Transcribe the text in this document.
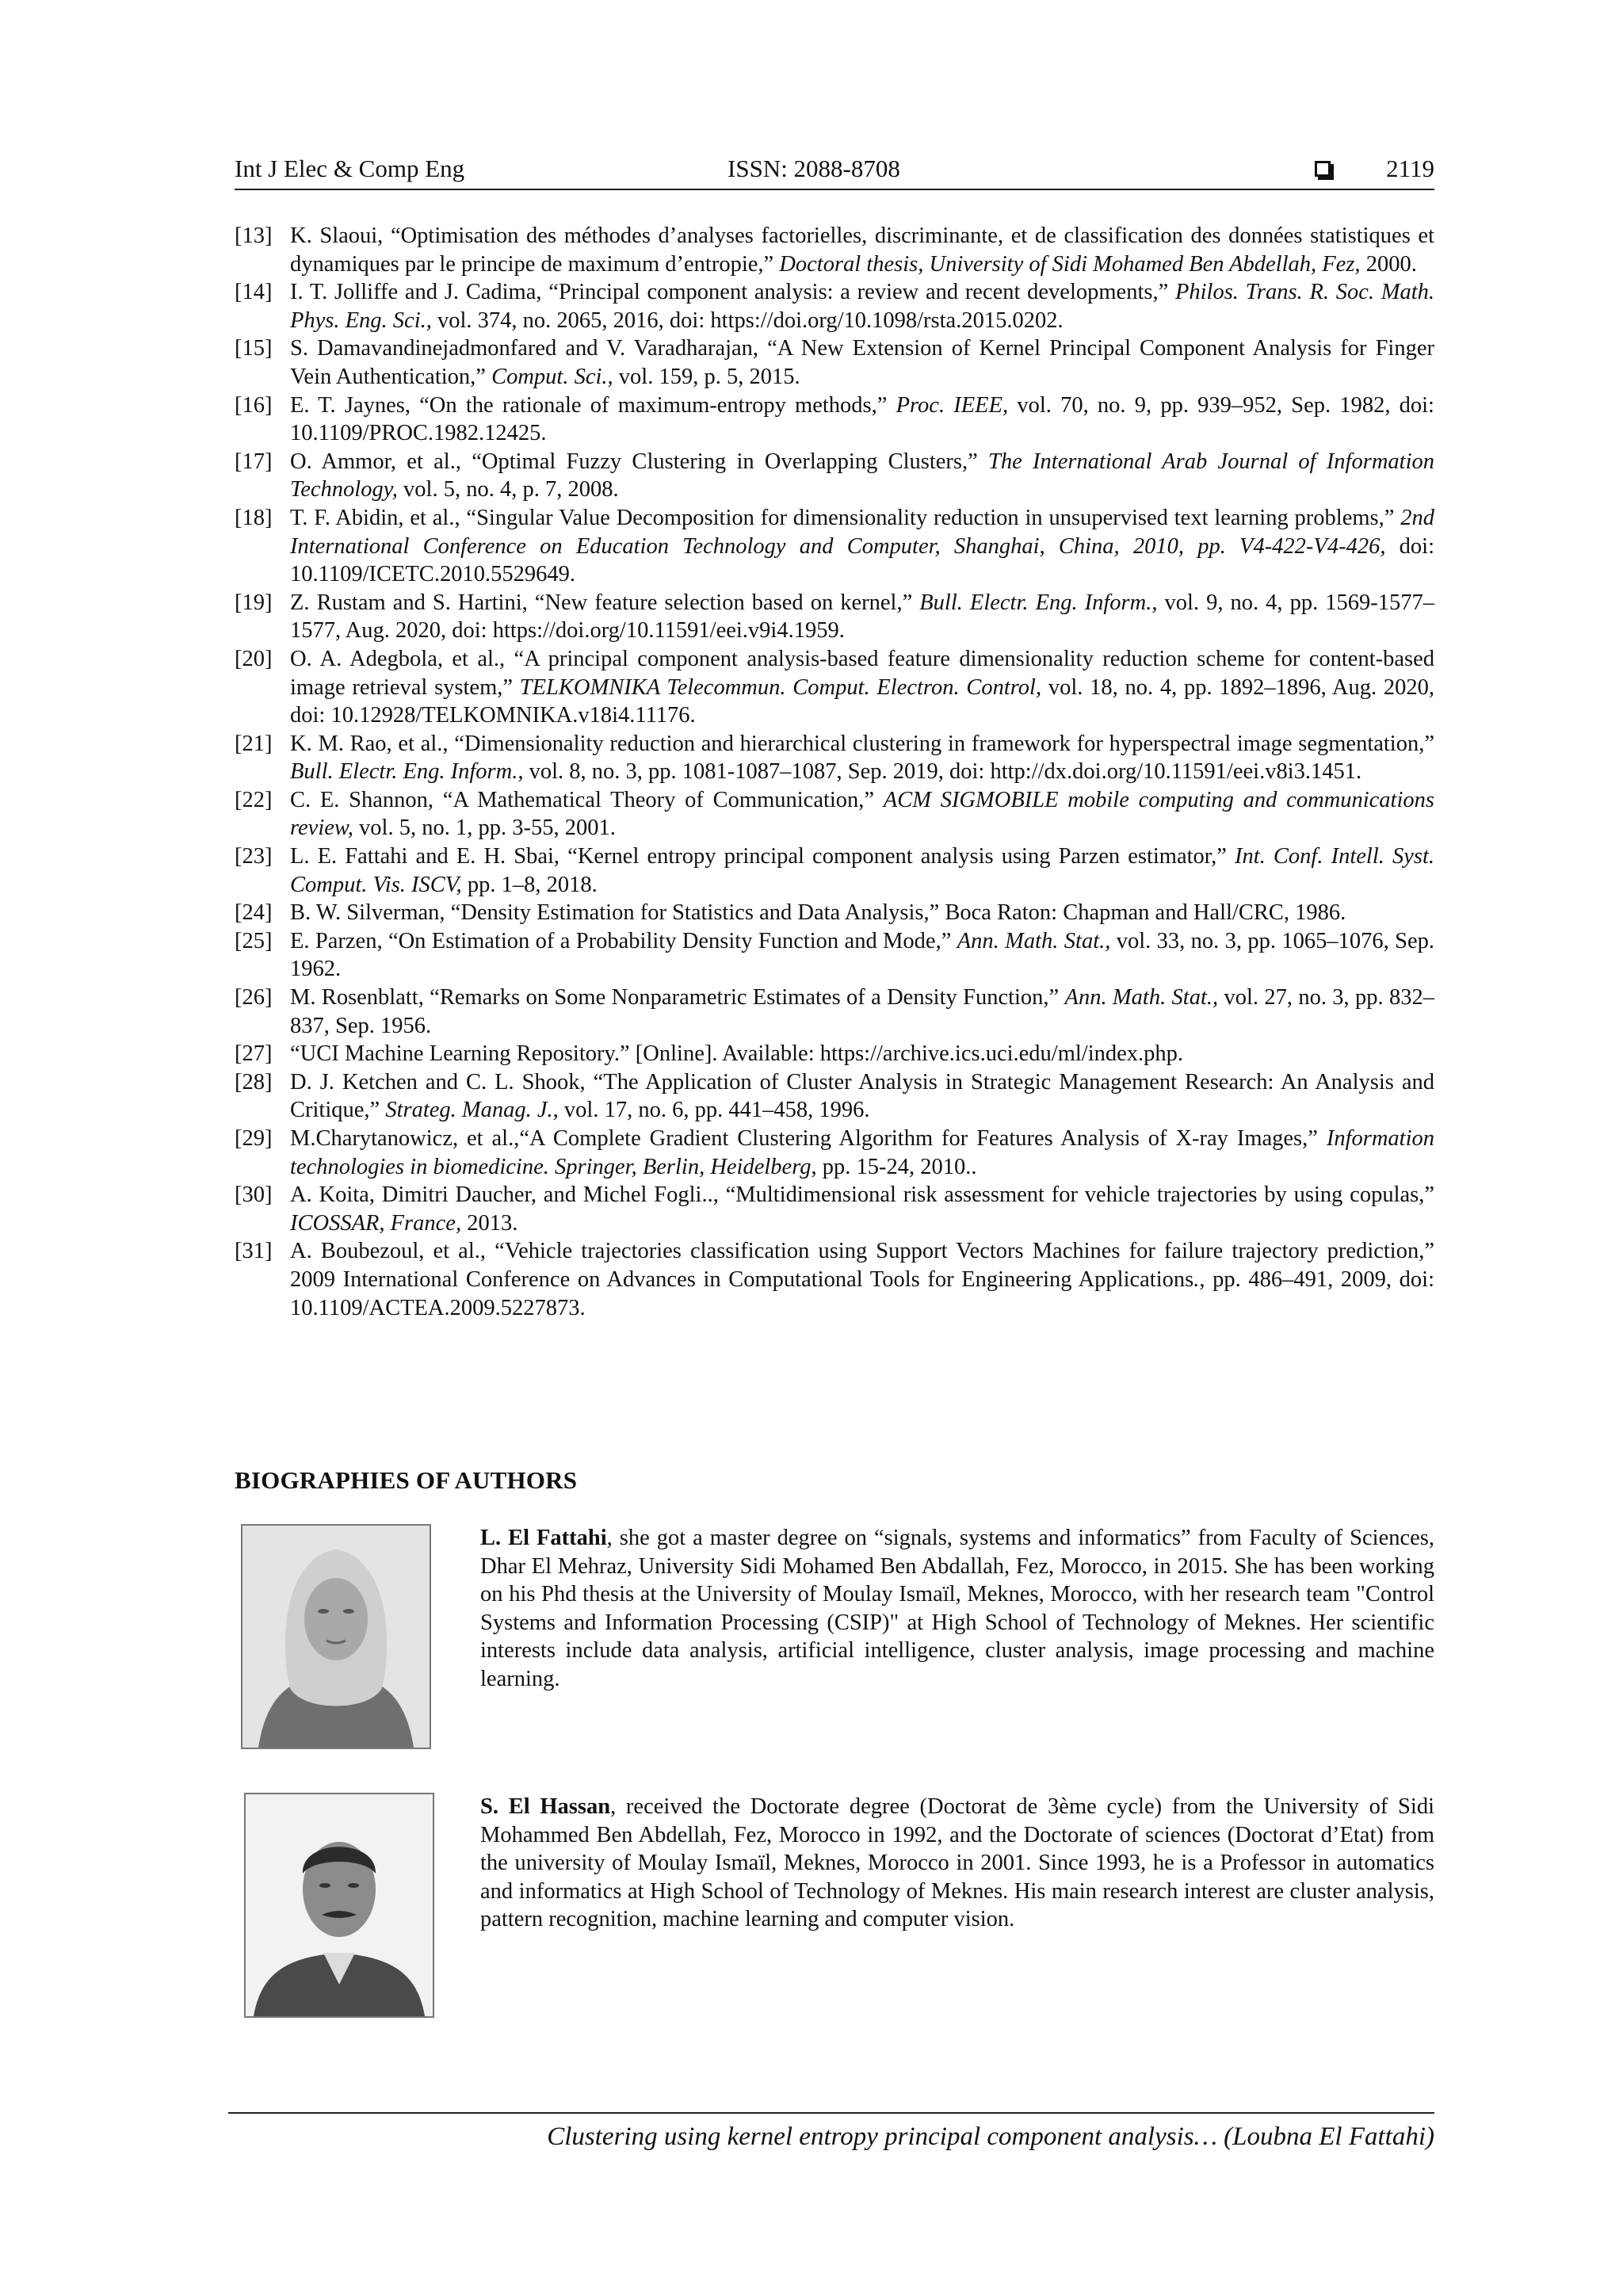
Int J Elec & Comp Eng	ISSN: 2088-8708	2119

[13] K. Slaoui, “Optimisation des méthodes d’analyses factorielles, discriminante, et de classification des données statistiques et dynamiques par le principe de maximum d’entropie,” Doctoral thesis, University of Sidi Mohamed Ben Abdellah, Fez, 2000.

[14] I. T. Jolliffe and J. Cadima, “Principal component analysis: a review and recent developments,” Philos. Trans. R. Soc. Math. Phys. Eng. Sci., vol. 374, no. 2065, 2016, doi: https://doi.org/10.1098/rsta.2015.0202.

[15] S. Damavandinejadmonfared and V. Varadharajan, “A New Extension of Kernel Principal Component Analysis for Finger Vein Authentication,” Comput. Sci., vol. 159, p. 5, 2015.

[16] E. T. Jaynes, “On the rationale of maximum-entropy methods,” Proc. IEEE, vol. 70, no. 9, pp. 939–952, Sep. 1982, doi: 10.1109/PROC.1982.12425.

[17] O. Ammor, et al., “Optimal Fuzzy Clustering in Overlapping Clusters,” The International Arab Journal of Information Technology, vol. 5, no. 4, p. 7, 2008.

[18] T. F. Abidin, et al., “Singular Value Decomposition for dimensionality reduction in unsupervised text learning problems,” 2nd International Conference on Education Technology and Computer, Shanghai, China, 2010, pp. V4-422-V4-426, doi: 10.1109/ICETC.2010.5529649.

[19] Z. Rustam and S. Hartini, “New feature selection based on kernel,” Bull. Electr. Eng. Inform., vol. 9, no. 4, pp. 1569-1577–1577, Aug. 2020, doi: https://doi.org/10.11591/eei.v9i4.1959.

[20] O. A. Adegbola, et al., “A principal component analysis-based feature dimensionality reduction scheme for content-based image retrieval system,” TELKOMNIKA Telecommun. Comput. Electron. Control, vol. 18, no. 4, pp. 1892–1896, Aug. 2020, doi: 10.12928/TELKOMNIKA.v18i4.11176.

[21] K. M. Rao, et al., “Dimensionality reduction and hierarchical clustering in framework for hyperspectral image segmentation,” Bull. Electr. Eng. Inform., vol. 8, no. 3, pp. 1081-1087–1087, Sep. 2019, doi: http://dx.doi.org/10.11591/eei.v8i3.1451.

[22] C. E. Shannon, “A Mathematical Theory of Communication,” ACM SIGMOBILE mobile computing and communications review, vol. 5, no. 1, pp. 3-55, 2001.

[23] L. E. Fattahi and E. H. Sbai, “Kernel entropy principal component analysis using Parzen estimator,” Int. Conf. Intell. Syst. Comput. Vis. ISCV, pp. 1–8, 2018.

[24] B. W. Silverman, “Density Estimation for Statistics and Data Analysis,” Boca Raton: Chapman and Hall/CRC, 1986.

[25] E. Parzen, “On Estimation of a Probability Density Function and Mode,” Ann. Math. Stat., vol. 33, no. 3, pp. 1065–1076, Sep. 1962.

[26] M. Rosenblatt, “Remarks on Some Nonparametric Estimates of a Density Function,” Ann. Math. Stat., vol. 27, no. 3, pp. 832–837, Sep. 1956.

[27] “UCI Machine Learning Repository.” [Online]. Available: https://archive.ics.uci.edu/ml/index.php.

[28] D. J. Ketchen and C. L. Shook, “The Application of Cluster Analysis in Strategic Management Research: An Analysis and Critique,” Strateg. Manag. J., vol. 17, no. 6, pp. 441–458, 1996.

[29] M.Charytanowicz, et al.,“A Complete Gradient Clustering Algorithm for Features Analysis of X-ray Images,” Information technologies in biomedicine. Springer, Berlin, Heidelberg, pp. 15-24, 2010..

[30] A. Koita, Dimitri Daucher, and Michel Fogli.., “Multidimensional risk assessment for vehicle trajectories by using copulas,” ICOSSAR, France, 2013.

[31] A. Boubezoul, et al., “Vehicle trajectories classification using Support Vectors Machines for failure trajectory prediction,” 2009 International Conference on Advances in Computational Tools for Engineering Applications., pp. 486–491, 2009, doi: 10.1109/ACTEA.2009.5227873.

BIOGRAPHIES OF AUTHORS
L. El Fattahi, she got a master degree on “signals, systems and informatics” from Faculty of Sciences, Dhar El Mehraz, University Sidi Mohamed Ben Abdallah, Fez, Morocco, in 2015. She has been working on his Phd thesis at the University of Moulay Ismaïl, Meknes, Morocco, with her research team "Control Systems and Information Processing (CSIP)" at High School of Technology of Meknes. Her scientific interests include data analysis, artificial intelligence, cluster analysis, image processing and machine learning.
S. El Hassan, received the Doctorate degree (Doctorat de 3ème cycle) from the University of Sidi Mohammed Ben Abdellah, Fez, Morocco in 1992, and the Doctorate of sciences (Doctorat d’Etat) from the university of Moulay Ismaïl, Meknes, Morocco in 2001. Since 1993, he is a Professor in automatics and informatics at High School of Technology of Meknes. His main research interest are cluster analysis, pattern recognition, machine learning and computer vision.
Clustering using kernel entropy principal component analysis… (Loubna El Fattahi)
